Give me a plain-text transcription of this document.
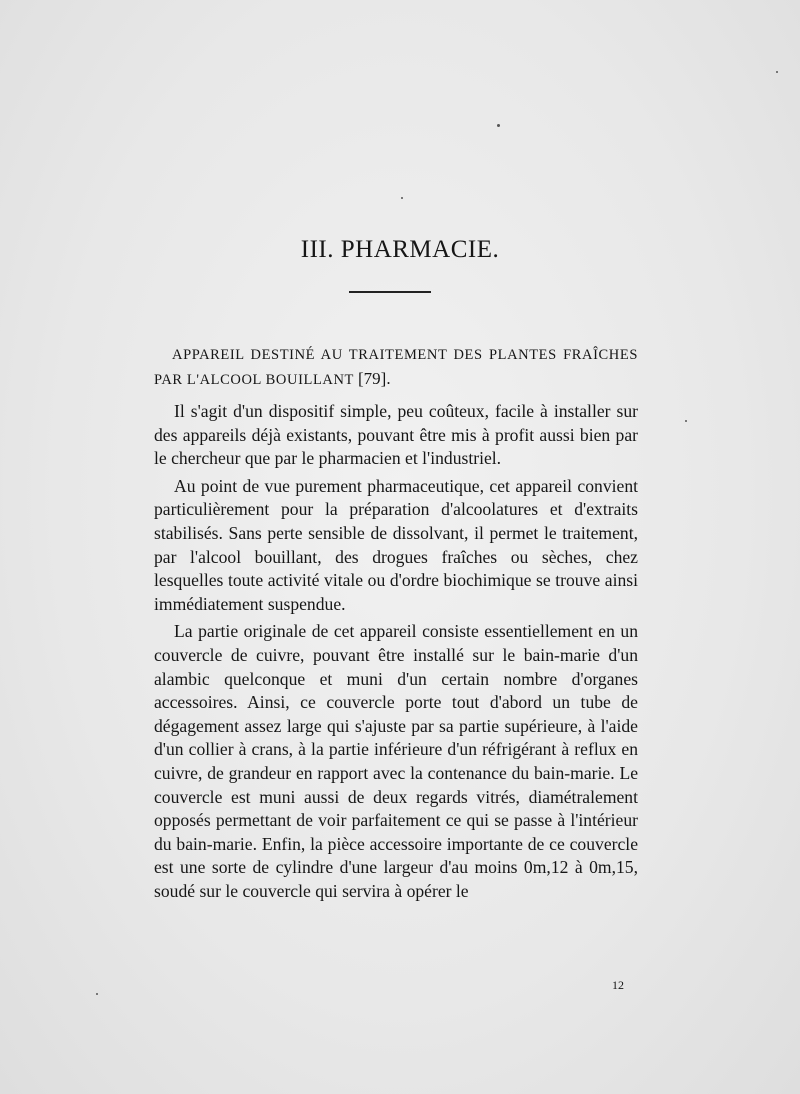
III. PHARMACIE.

APPAREIL DESTINÉ AU TRAITEMENT DES PLANTES FRAÎCHES PAR L'ALCOOL BOUILLANT [79].

Il s'agit d'un dispositif simple, peu coûteux, facile à installer sur des appareils déjà existants, pouvant être mis à profit aussi bien par le chercheur que par le pharmacien et l'industriel.

Au point de vue purement pharmaceutique, cet appareil convient particulièrement pour la préparation d'alcoolatures et d'extraits stabilisés. Sans perte sensible de dissolvant, il permet le traitement, par l'alcool bouillant, des drogues fraîches ou sèches, chez lesquelles toute activité vitale ou d'ordre biochimique se trouve ainsi immédiatement suspendue.

La partie originale de cet appareil consiste essentiellement en un couvercle de cuivre, pouvant être installé sur le bain-marie d'un alambic quelconque et muni d'un certain nombre d'organes accessoires. Ainsi, ce couvercle porte tout d'abord un tube de dégagement assez large qui s'ajuste par sa partie supérieure, à l'aide d'un collier à crans, à la partie inférieure d'un réfrigérant à reflux en cuivre, de grandeur en rapport avec la contenance du bain-marie. Le couvercle est muni aussi de deux regards vitrés, diamétralement opposés permettant de voir parfaitement ce qui se passe à l'intérieur du bain-marie. Enfin, la pièce accessoire importante de ce couvercle est une sorte de cylindre d'une largeur d'au moins 0m,12 à 0m,15, soudé sur le couvercle qui servira à opérer le

12
